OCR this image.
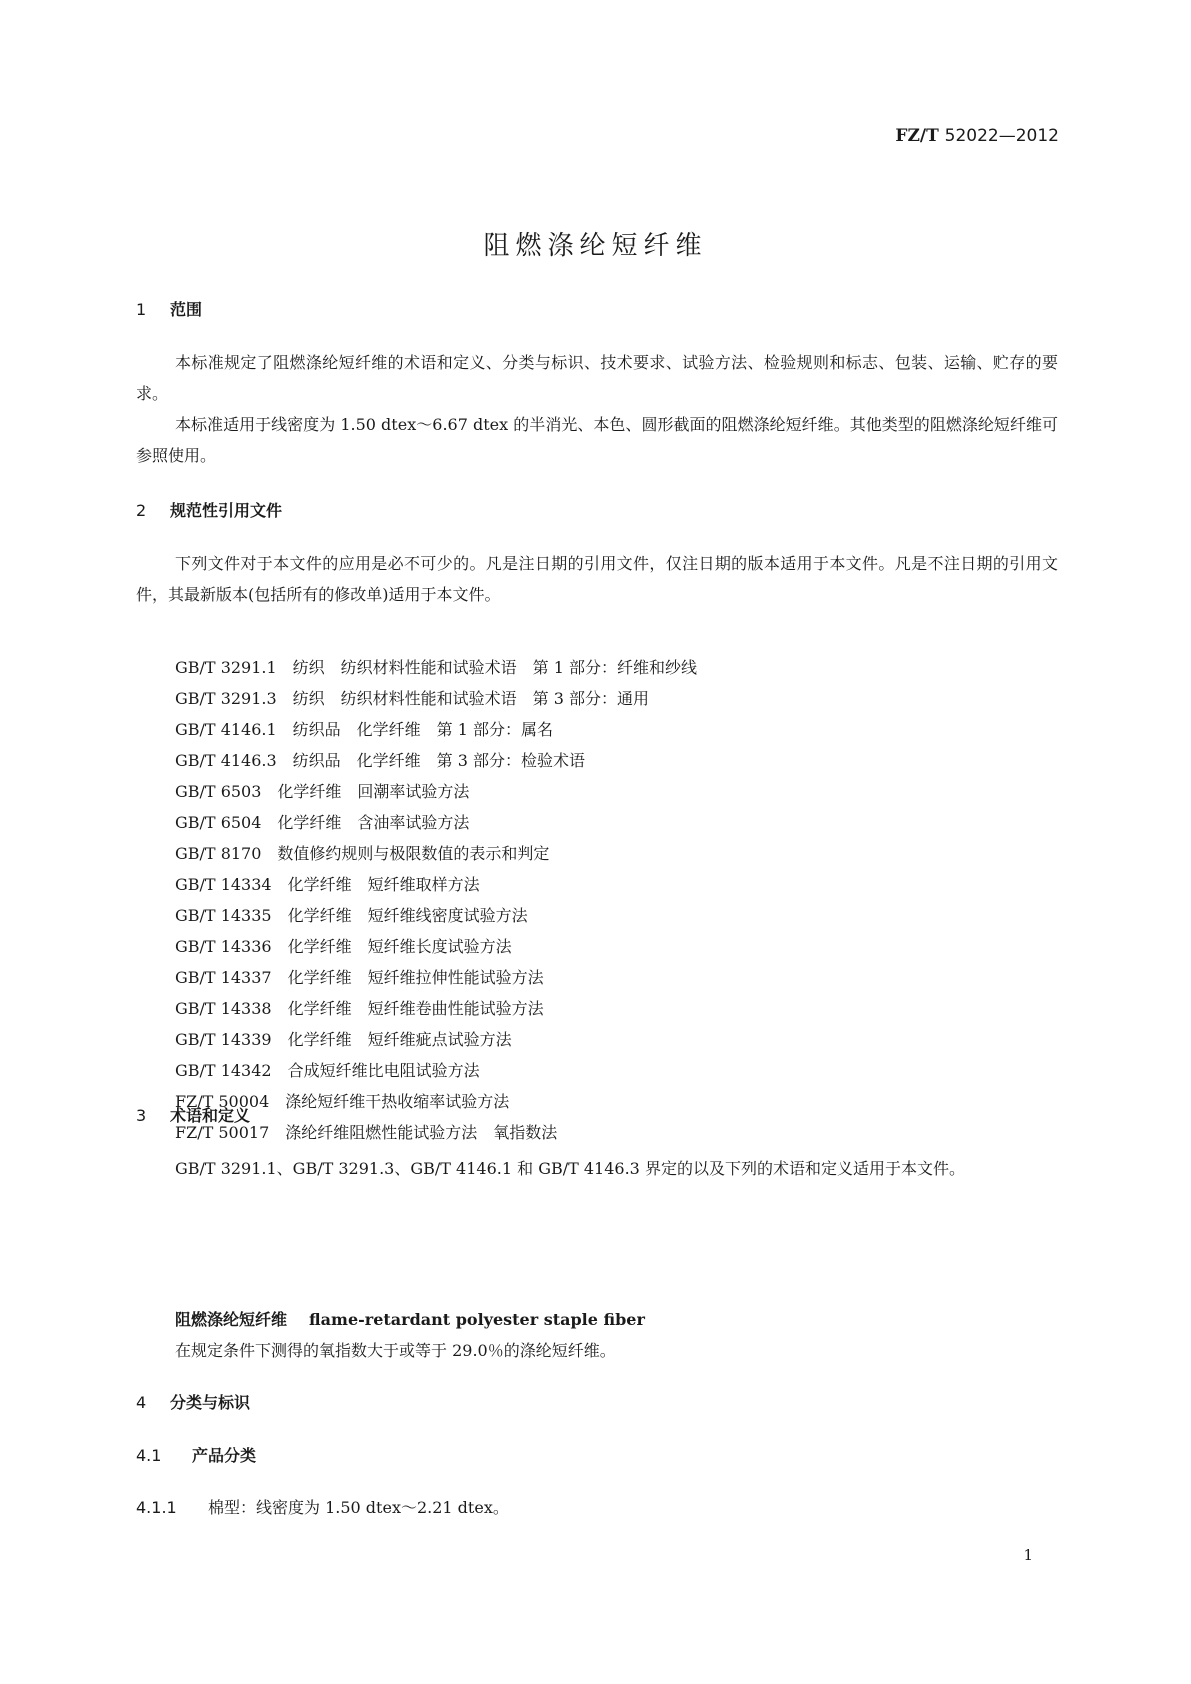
FZ/T 52022—2012
阻燃涤纶短纤维
1 范围
本标准规定了阻燃涤纶短纤维的术语和定义、分类与标识、技术要求、试验方法、检验规则和标志、包装、运输、贮存的要求。
本标准适用于线密度为 1.50 dtex～6.67 dtex 的半消光、本色、圆形截面的阻燃涤纶短纤维。其他类型的阻燃涤纶短纤维可参照使用。
2 规范性引用文件
下列文件对于本文件的应用是必不可少的。凡是注日期的引用文件，仅注日期的版本适用于本文件。凡是不注日期的引用文件，其最新版本(包括所有的修改单)适用于本文件。
GB/T 3291.1 纺织　纺织材料性能和试验术语　第 1 部分：纤维和纱线
GB/T 3291.3 纺织　纺织材料性能和试验术语　第 3 部分：通用
GB/T 4146.1 纺织品　化学纤维　第 1 部分：属名
GB/T 4146.3 纺织品　化学纤维　第 3 部分：检验术语
GB/T 6503 化学纤维　回潮率试验方法
GB/T 6504 化学纤维　含油率试验方法
GB/T 8170 数值修约规则与极限数值的表示和判定
GB/T 14334 化学纤维　短纤维取样方法
GB/T 14335 化学纤维　短纤维线密度试验方法
GB/T 14336 化学纤维　短纤维长度试验方法
GB/T 14337 化学纤维　短纤维拉伸性能试验方法
GB/T 14338 化学纤维　短纤维卷曲性能试验方法
GB/T 14339 化学纤维　短纤维疵点试验方法
GB/T 14342 合成短纤维比电阻试验方法
FZ/T 50004 涤纶短纤维干热收缩率试验方法
FZ/T 50017 涤纶纤维阻燃性能试验方法　氧指数法
3 术语和定义
GB/T 3291.1、GB/T 3291.3、GB/T 4146.1 和 GB/T 4146.3 界定的以及下列的术语和定义适用于本文件。
阻燃涤纶短纤维 flame-retardant polyester staple fiber
在规定条件下测得的氧指数大于或等于 29.0％的涤纶短纤维。
4 分类与标识
4.1 产品分类
4.1.1 棉型：线密度为 1.50 dtex～2.21 dtex。
1
